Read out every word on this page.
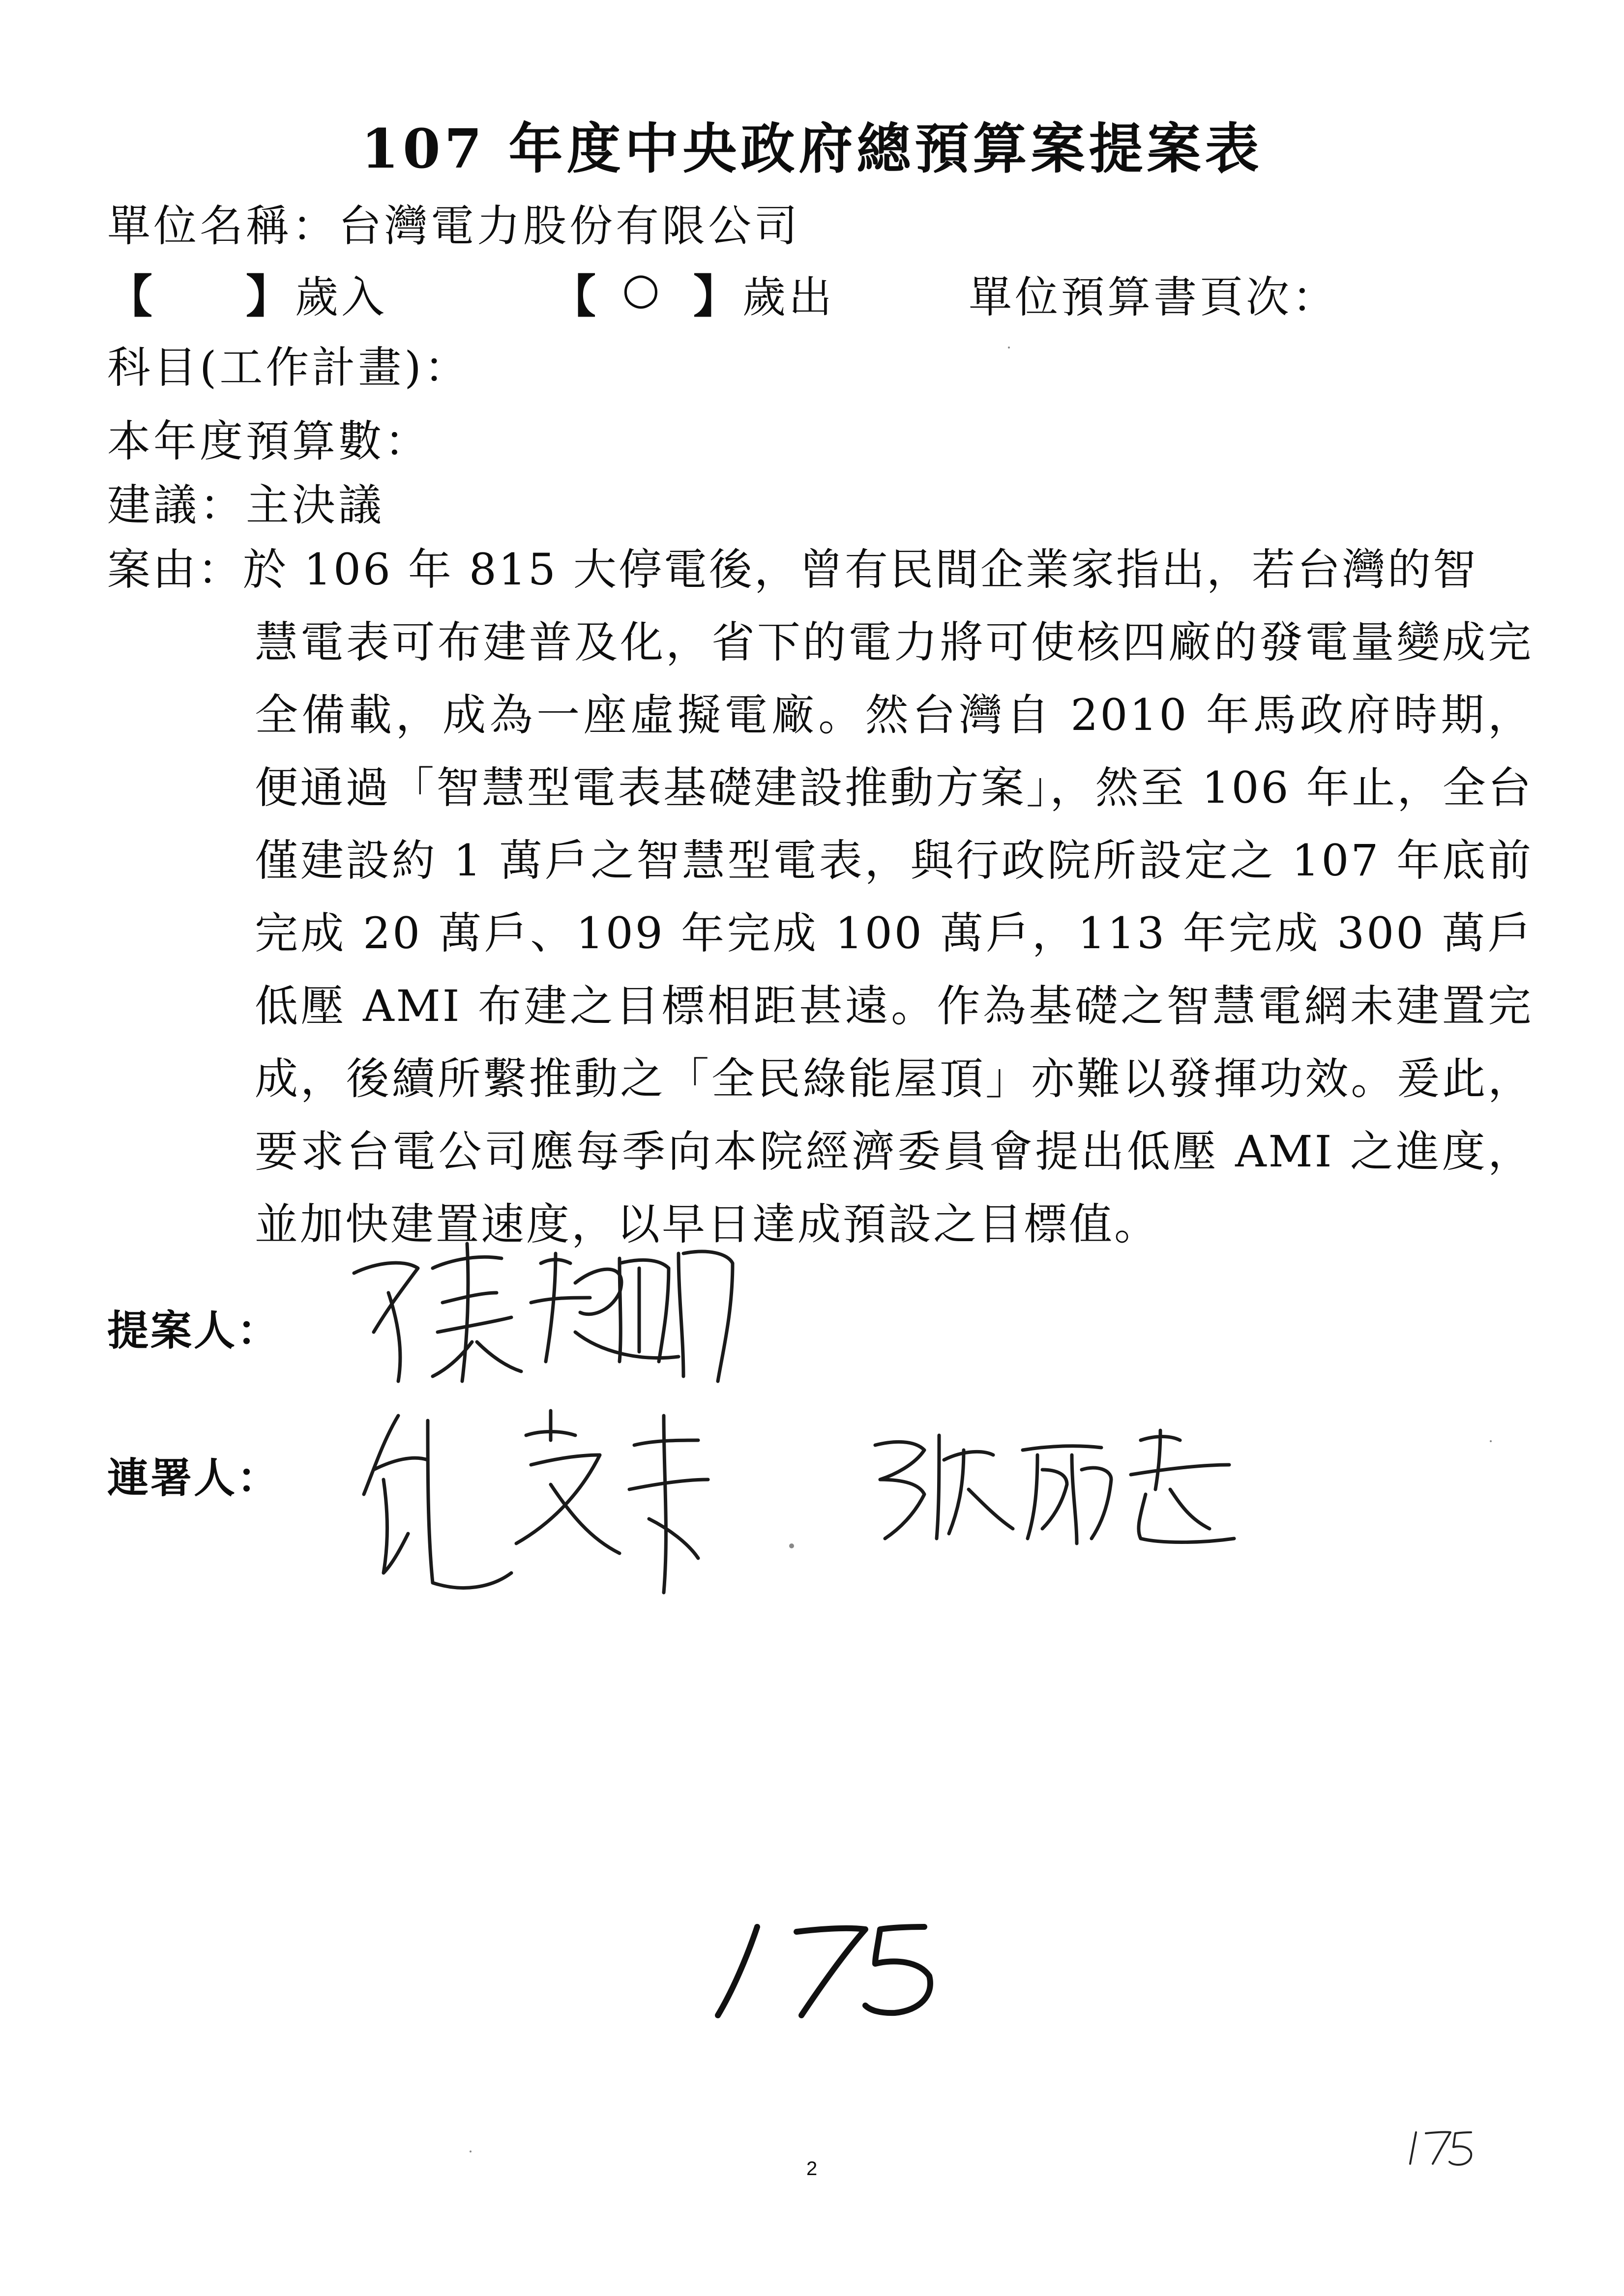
107 年度中央政府總預算案提案表
單位名稱：台灣電力股份有限公司
【 】 歲入	【 ○ 】 歲出	單位預算書頁次：
科目(工作計畫)：
本年度預算數：
建議：主決議
案由：於 106 年 815 大停電後，曾有民間企業家指出，若台灣的智
慧電表可布建普及化，省下的電力將可使核四廠的發電量變成完全備載，成為一座虛擬電廠。然台灣自 2010 年馬政府時期，便通過「智慧型電表基礎建設推動方案」，然至 106 年止，全台僅建設約 1 萬戶之智慧型電表，與行政院所設定之 107 年底前完成 20 萬戶、109 年完成 100 萬戶，113 年完成 300 萬戶低壓 AMI 布建之目標相距甚遠。作為基礎之智慧電網未建置完成，後續所繫推動之「全民綠能屋頂」亦難以發揮功效。爰此，要求台電公司應每季向本院經濟委員會提出低壓 AMI 之進度，並加快建置速度，以早日達成預設之目標值。
提案人：
連署人：
2
